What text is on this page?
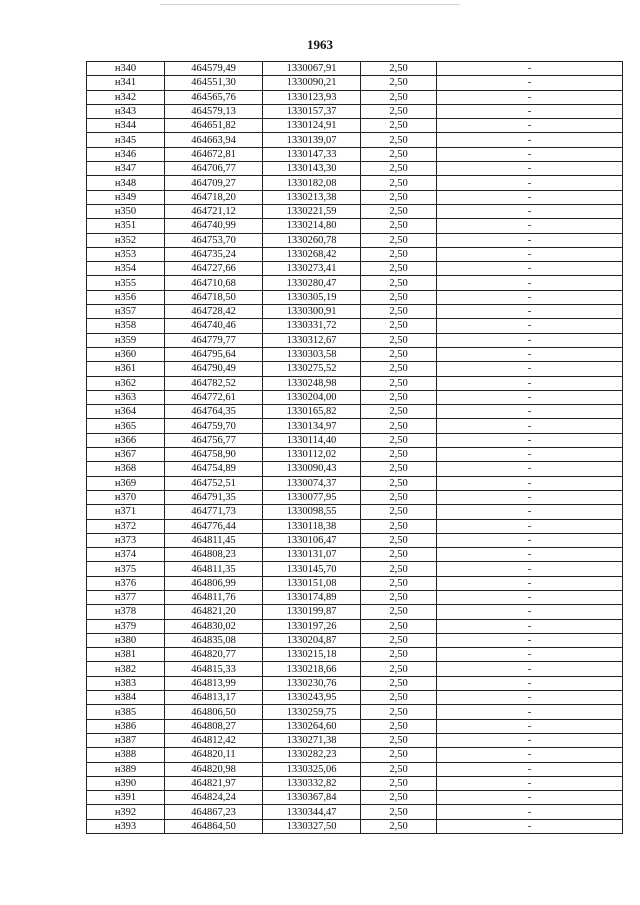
1963
н340	464579,49	1330067,91	2,50	-
н341	464551,30	1330090,21	2,50	-
н342	464565,76	1330123,93	2,50	-
н343	464579,13	1330157,37	2,50	-
н344	464651,82	1330124,91	2,50	-
н345	464663,94	1330139,07	2,50	-
н346	464672,81	1330147,33	2,50	-
н347	464706,77	1330143,30	2,50	-
н348	464709,27	1330182,08	2,50	-
н349	464718,20	1330213,38	2,50	-
н350	464721,12	1330221,59	2,50	-
н351	464740,99	1330214,80	2,50	-
н352	464753,70	1330260,78	2,50	-
н353	464735,24	1330268,42	2,50	-
н354	464727,66	1330273,41	2,50	-
н355	464710,68	1330280,47	2,50	-
н356	464718,50	1330305,19	2,50	-
н357	464728,42	1330300,91	2,50	-
н358	464740,46	1330331,72	2,50	-
н359	464779,77	1330312,67	2,50	-
н360	464795,64	1330303,58	2,50	-
н361	464790,49	1330275,52	2,50	-
н362	464782,52	1330248,98	2,50	-
н363	464772,61	1330204,00	2,50	-
н364	464764,35	1330165,82	2,50	-
н365	464759,70	1330134,97	2,50	-
н366	464756,77	1330114,40	2,50	-
н367	464758,90	1330112,02	2,50	-
н368	464754,89	1330090,43	2,50	-
н369	464752,51	1330074,37	2,50	-
н370	464791,35	1330077,95	2,50	-
н371	464771,73	1330098,55	2,50	-
н372	464776,44	1330118,38	2,50	-
н373	464811,45	1330106,47	2,50	-
н374	464808,23	1330131,07	2,50	-
н375	464811,35	1330145,70	2,50	-
н376	464806,99	1330151,08	2,50	-
н377	464811,76	1330174,89	2,50	-
н378	464821,20	1330199,87	2,50	-
н379	464830,02	1330197,26	2,50	-
н380	464835,08	1330204,87	2,50	-
н381	464820,77	1330215,18	2,50	-
н382	464815,33	1330218,66	2,50	-
н383	464813,99	1330230,76	2,50	-
н384	464813,17	1330243,95	2,50	-
н385	464806,50	1330259,75	2,50	-
н386	464808,27	1330264,60	2,50	-
н387	464812,42	1330271,38	2,50	-
н388	464820,11	1330282,23	2,50	-
н389	464820,98	1330325,06	2,50	-
н390	464821,97	1330332,82	2,50	-
н391	464824,24	1330367,84	2,50	-
н392	464867,23	1330344,47	2,50	-
н393	464864,50	1330327,50	2,50	-
